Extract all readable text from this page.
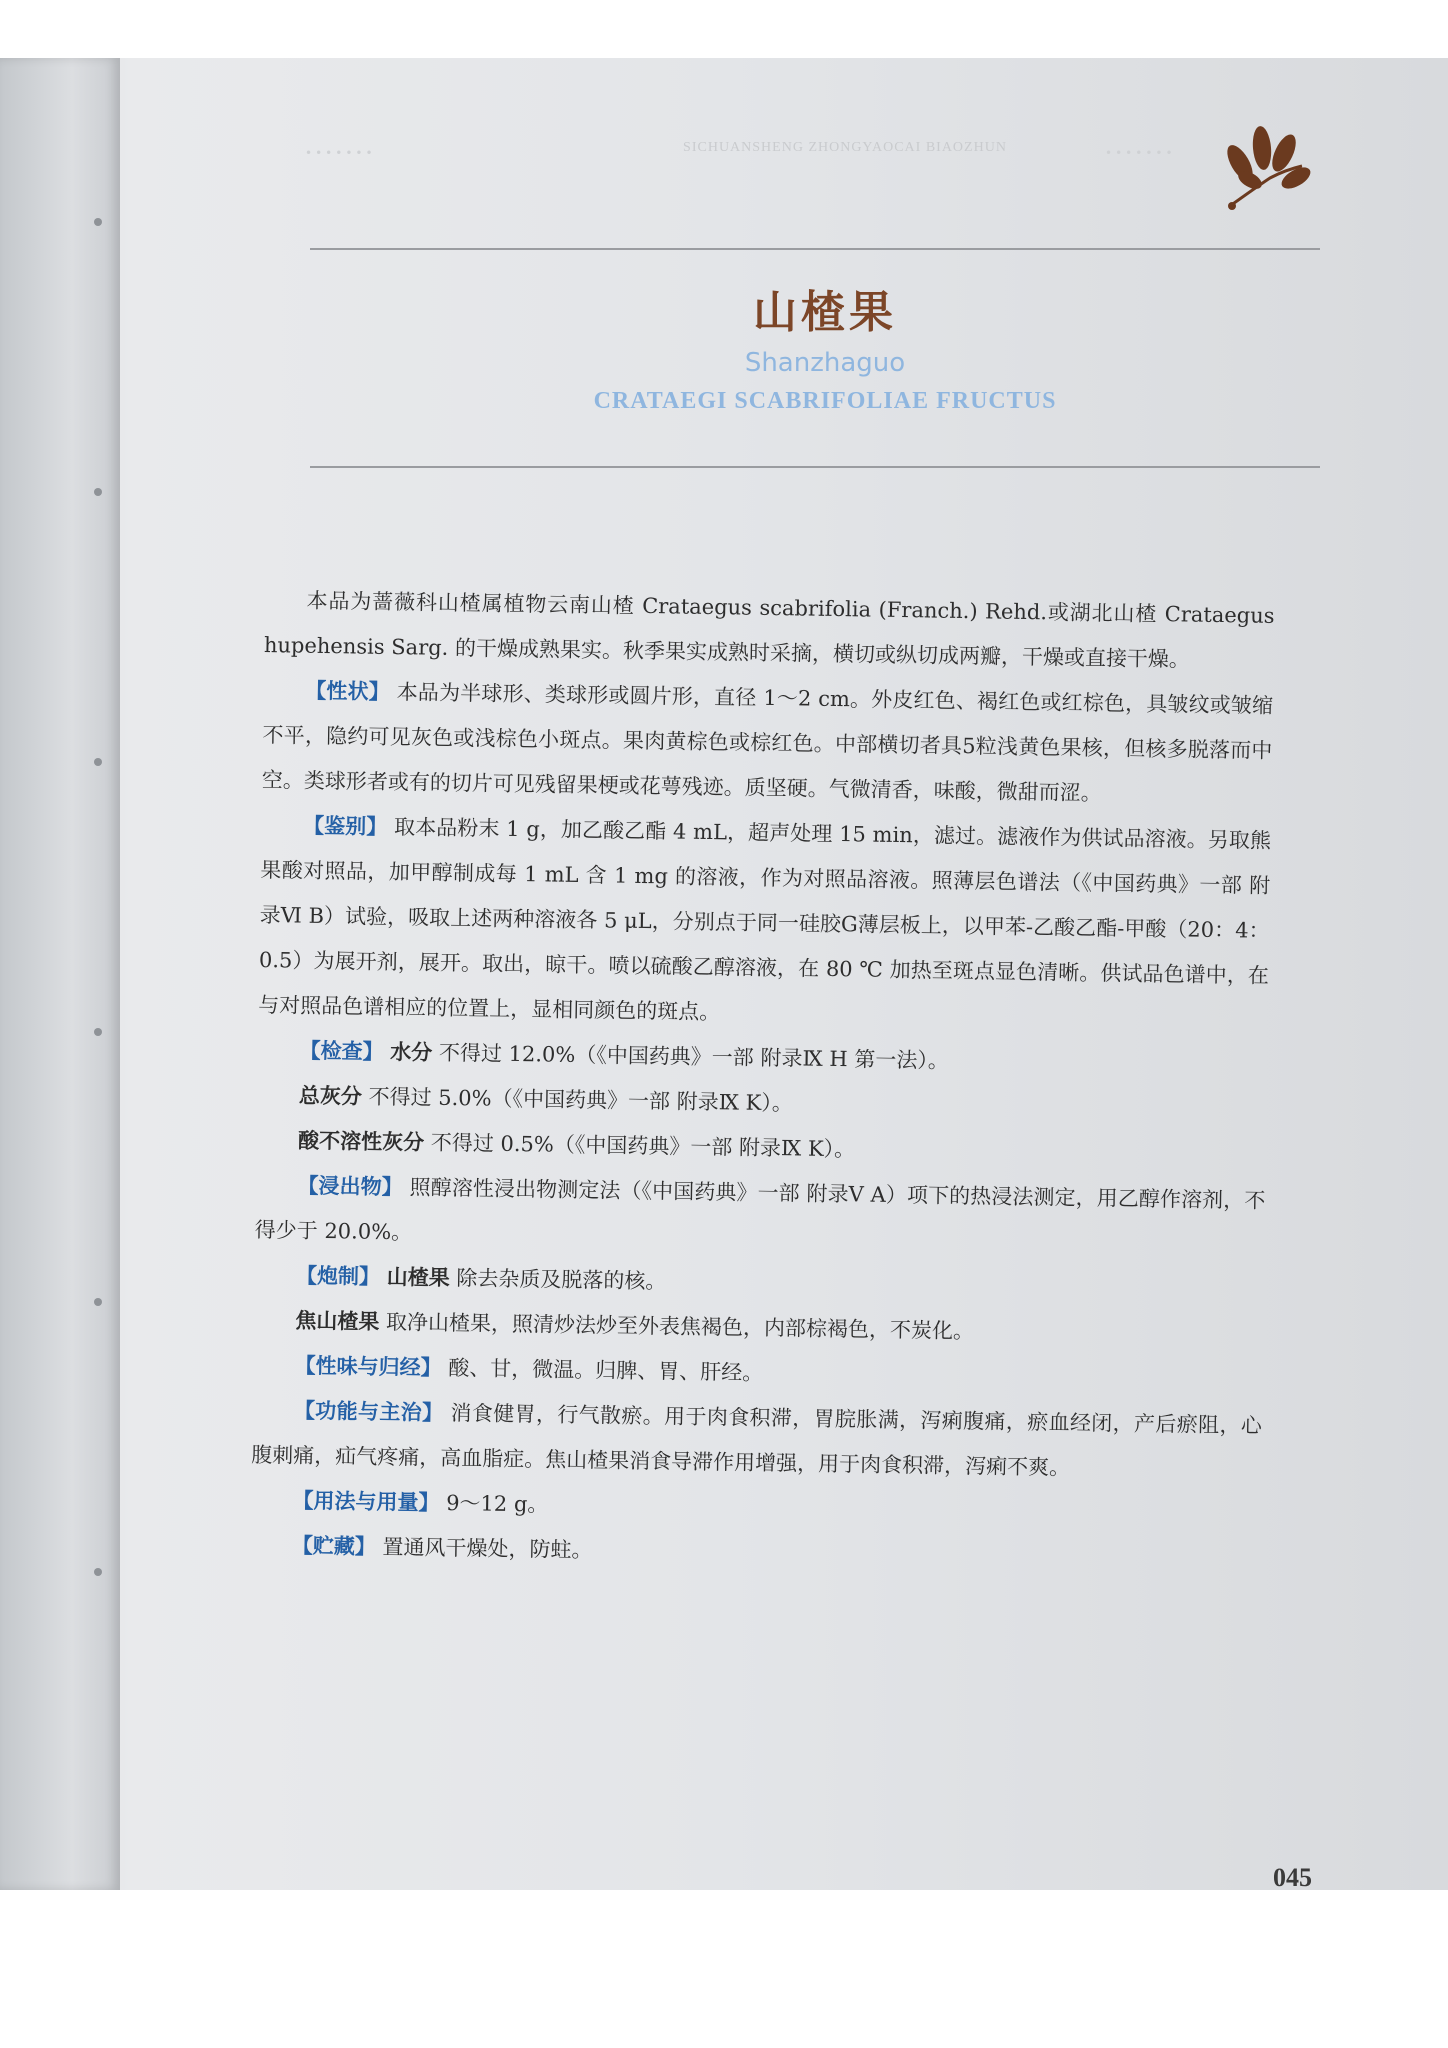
•••••••	SICHUANSHENG ZHONGYAOCAI BIAOZHUN	•••••••
山楂果
Shanzhaguo
CRATAEGI SCABRIFOLIAE FRUCTUS

本品为蔷薇科山楂属植物云南山楂 Crataegus scabrifolia (Franch.) Rehd.或湖北山楂 Crataegus hupehensis Sarg. 的干燥成熟果实。秋季果实成熟时采摘，横切或纵切成两瓣，干燥或直接干燥。

【性状】 本品为半球形、类球形或圆片形，直径 1～2 cm。外皮红色、褐红色或红棕色，具皱纹或皱缩不平，隐约可见灰色或浅棕色小斑点。果肉黄棕色或棕红色。中部横切者具5粒浅黄色果核，但核多脱落而中空。类球形者或有的切片可见残留果梗或花萼残迹。质坚硬。气微清香，味酸，微甜而涩。

【鉴别】 取本品粉末 1 g，加乙酸乙酯 4 mL，超声处理 15 min，滤过。滤液作为供试品溶液。另取熊果酸对照品，加甲醇制成每 1 mL 含 1 mg 的溶液，作为对照品溶液。照薄层色谱法（《中国药典》一部 附录Ⅵ B）试验，吸取上述两种溶液各 5 μL，分别点于同一硅胶G薄层板上，以甲苯-乙酸乙酯-甲酸（20：4：0.5）为展开剂，展开。取出，晾干。喷以硫酸乙醇溶液，在 80 ℃ 加热至斑点显色清晰。供试品色谱中，在与对照品色谱相应的位置上，显相同颜色的斑点。

【检查】 水分 不得过 12.0%（《中国药典》一部 附录Ⅸ H 第一法）。

总灰分 不得过 5.0%（《中国药典》一部 附录Ⅸ K）。

酸不溶性灰分 不得过 0.5%（《中国药典》一部 附录Ⅸ K）。

【浸出物】 照醇溶性浸出物测定法（《中国药典》一部 附录Ⅴ A）项下的热浸法测定，用乙醇作溶剂，不得少于 20.0%。

【炮制】 山楂果 除去杂质及脱落的核。

焦山楂果 取净山楂果，照清炒法炒至外表焦褐色，内部棕褐色，不炭化。

【性味与归经】 酸、甘，微温。归脾、胃、肝经。

【功能与主治】 消食健胃，行气散瘀。用于肉食积滞，胃脘胀满，泻痢腹痛，瘀血经闭，产后瘀阻，心腹刺痛，疝气疼痛，高血脂症。焦山楂果消食导滞作用增强，用于肉食积滞，泻痢不爽。

【用法与用量】 9～12 g。

【贮藏】 置通风干燥处，防蛀。

045
